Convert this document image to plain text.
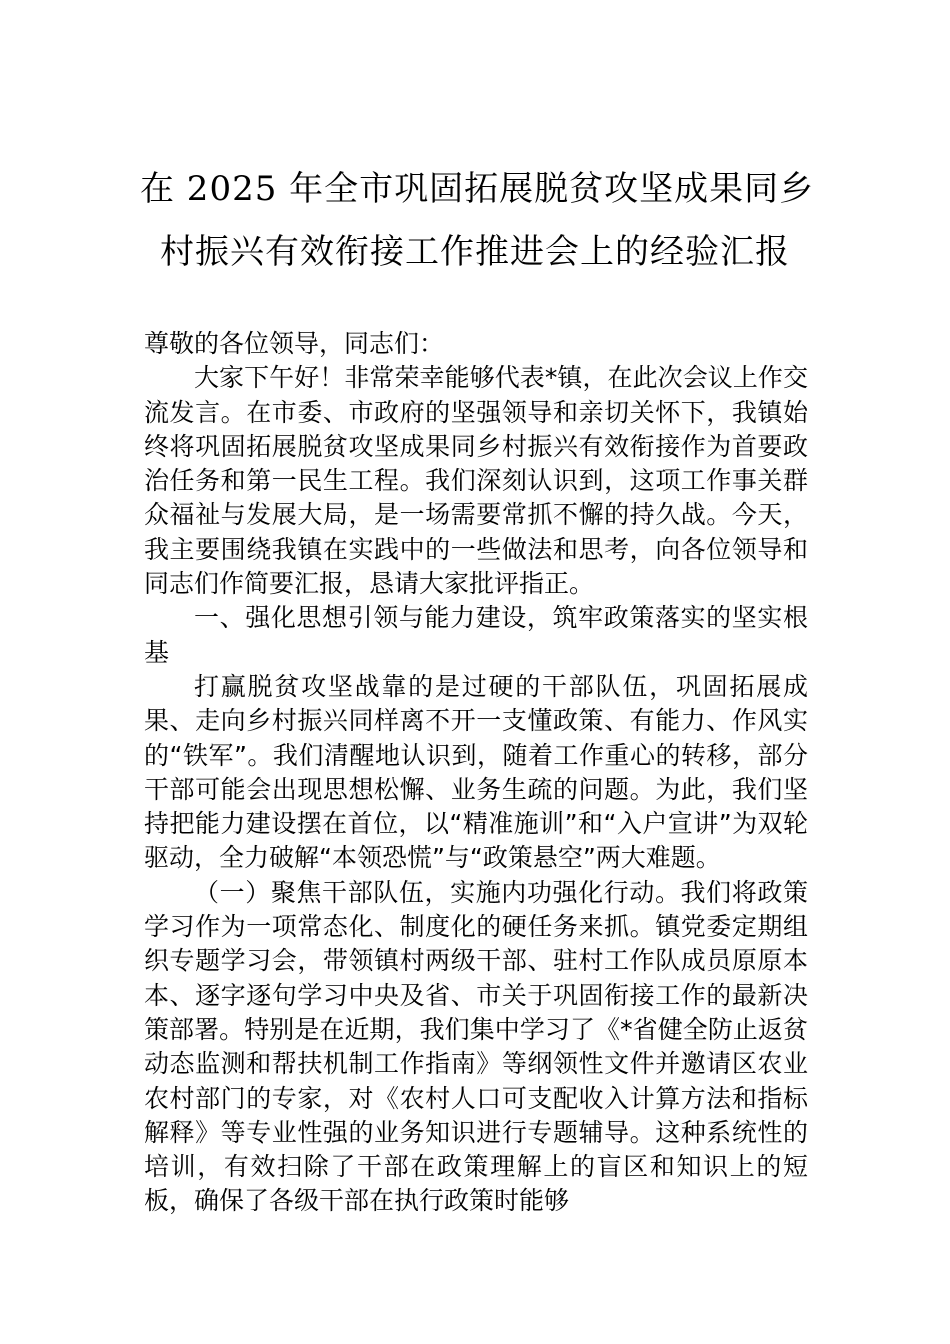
在 2025 年全市巩固拓展脱贫攻坚成果同乡
村振兴有效衔接工作推进会上的经验汇报

尊敬的各位领导，同志们：

大家下午好！非常荣幸能够代表*镇，在此次会议上作交流发言。在市委、市政府的坚强领导和亲切关怀下，我镇始终将巩固拓展脱贫攻坚成果同乡村振兴有效衔接作为首要政治任务和第一民生工程。我们深刻认识到，这项工作事关群众福祉与发展大局，是一场需要常抓不懈的持久战。今天，我主要围绕我镇在实践中的一些做法和思考，向各位领导和同志们作简要汇报，恳请大家批评指正。

一、强化思想引领与能力建设，筑牢政策落实的坚实根基

打赢脱贫攻坚战靠的是过硬的干部队伍，巩固拓展成果、走向乡村振兴同样离不开一支懂政策、有能力、作风实的“铁军”。我们清醒地认识到，随着工作重心的转移，部分干部可能会出现思想松懈、业务生疏的问题。为此，我们坚持把能力建设摆在首位，以“精准施训”和“入户宣讲”为双轮驱动，全力破解“本领恐慌”与“政策悬空”两大难题。

（一）聚焦干部队伍，实施内功强化行动。我们将政策学习作为一项常态化、制度化的硬任务来抓。镇党委定期组织专题学习会，带领镇村两级干部、驻村工作队成员原原本本、逐字逐句学习中央及省、市关于巩固衔接工作的最新决策部署。特别是在近期，我们集中学习了《*省健全防止返贫动态监测和帮扶机制工作指南》等纲领性文件并邀请区农业农村部门的专家，对《农村人口可支配收入计算方法和指标解释》等专业性强的业务知识进行专题辅导。这种系统性的培训，有效扫除了干部在政策理解上的盲区和知识上的短板，确保了各级干部在执行政策时能够
